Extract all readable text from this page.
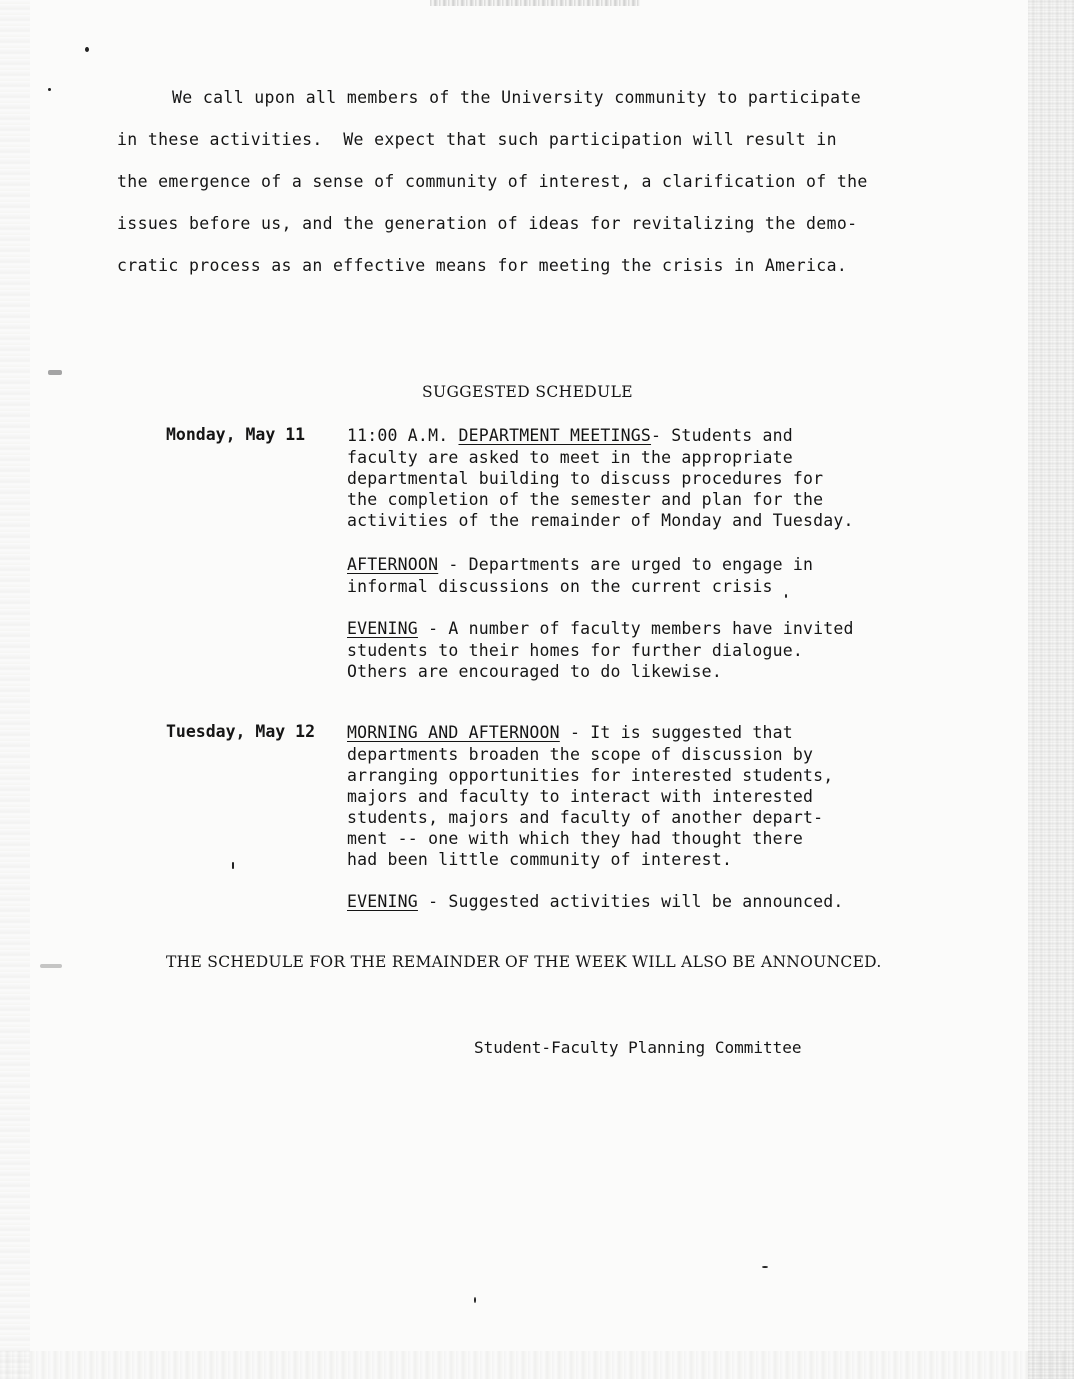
We call upon all members of the University community to participate
in these activities.  We expect that such participation will result in
the emergence of a sense of community of interest, a clarification of the
issues before us, and the generation of ideas for revitalizing the demo-
cratic process as an effective means for meeting the crisis in America.
SUGGESTED SCHEDULE
Monday, May 11	11:00 A.M. DEPARTMENT MEETINGS- Students and
faculty are asked to meet in the appropriate
departmental building to discuss procedures for
the completion of the semester and plan for the
activities of the remainder of Monday and Tuesday.
AFTERNOON - Departments are urged to engage in
informal discussions on the current crisis
EVENING - A number of faculty members have invited
students to their homes for further dialogue.
Others are encouraged to do likewise.
Tuesday, May 12 MORNING AND AFTERNOON - It is suggested that
departments broaden the scope of discussion by
arranging opportunities for interested students,
majors and faculty to interact with interested
students, majors and faculty of another depart-
ment -- one with which they had thought there
had been little community of interest.
EVENING - Suggested activities will be announced.
THE SCHEDULE FOR THE REMAINDER OF THE WEEK WILL ALSO BE ANNOUNCED.
Student-Faculty Planning Committee
